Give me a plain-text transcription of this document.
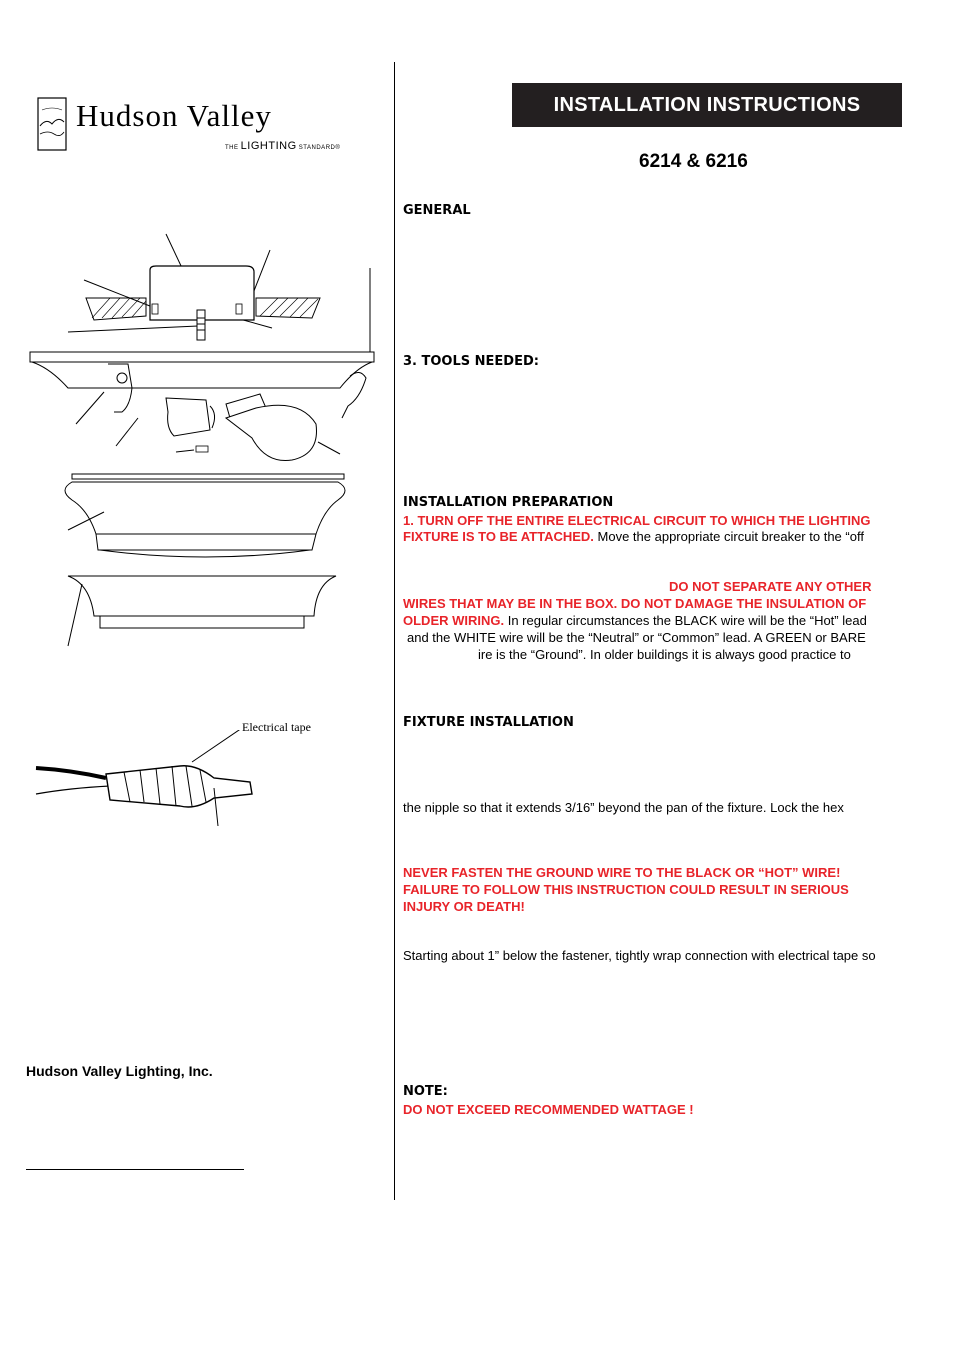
Hudson Valley
THE LIGHTING STANDARD®
Electrical tape
Hudson Valley Lighting, Inc.
INSTALLATION INSTRUCTIONS
6214 & 6216
GENERAL
3. TOOLS NEEDED:
INSTALLATION PREPARATION
1. TURN OFF THE ENTIRE ELECTRICAL CIRCUIT TO WHICH THE LIGHTING
FIXTURE IS TO BE ATTACHED. Move the appropriate circuit breaker to the “off
DO NOT SEPARATE ANY OTHER
WIRES THAT MAY BE IN THE BOX. DO NOT DAMAGE THE INSULATION OF
OLDER WIRING. In regular circumstances the BLACK wire will be the “Hot” lead
and the WHITE wire will be the “Neutral” or “Common” lead. A GREEN or BARE
ire is the “Ground”. In older buildings it is always good practice to
FIXTURE INSTALLATION
the nipple so that it extends 3/16” beyond the pan of the fixture. Lock the hex
NEVER FASTEN THE GROUND WIRE TO THE BLACK OR “HOT” WIRE!
FAILURE TO FOLLOW THIS INSTRUCTION COULD RESULT IN SERIOUS
INJURY OR DEATH!
Starting about 1” below the fastener, tightly wrap connection with electrical tape so
NOTE:
DO NOT EXCEED RECOMMENDED WATTAGE !
